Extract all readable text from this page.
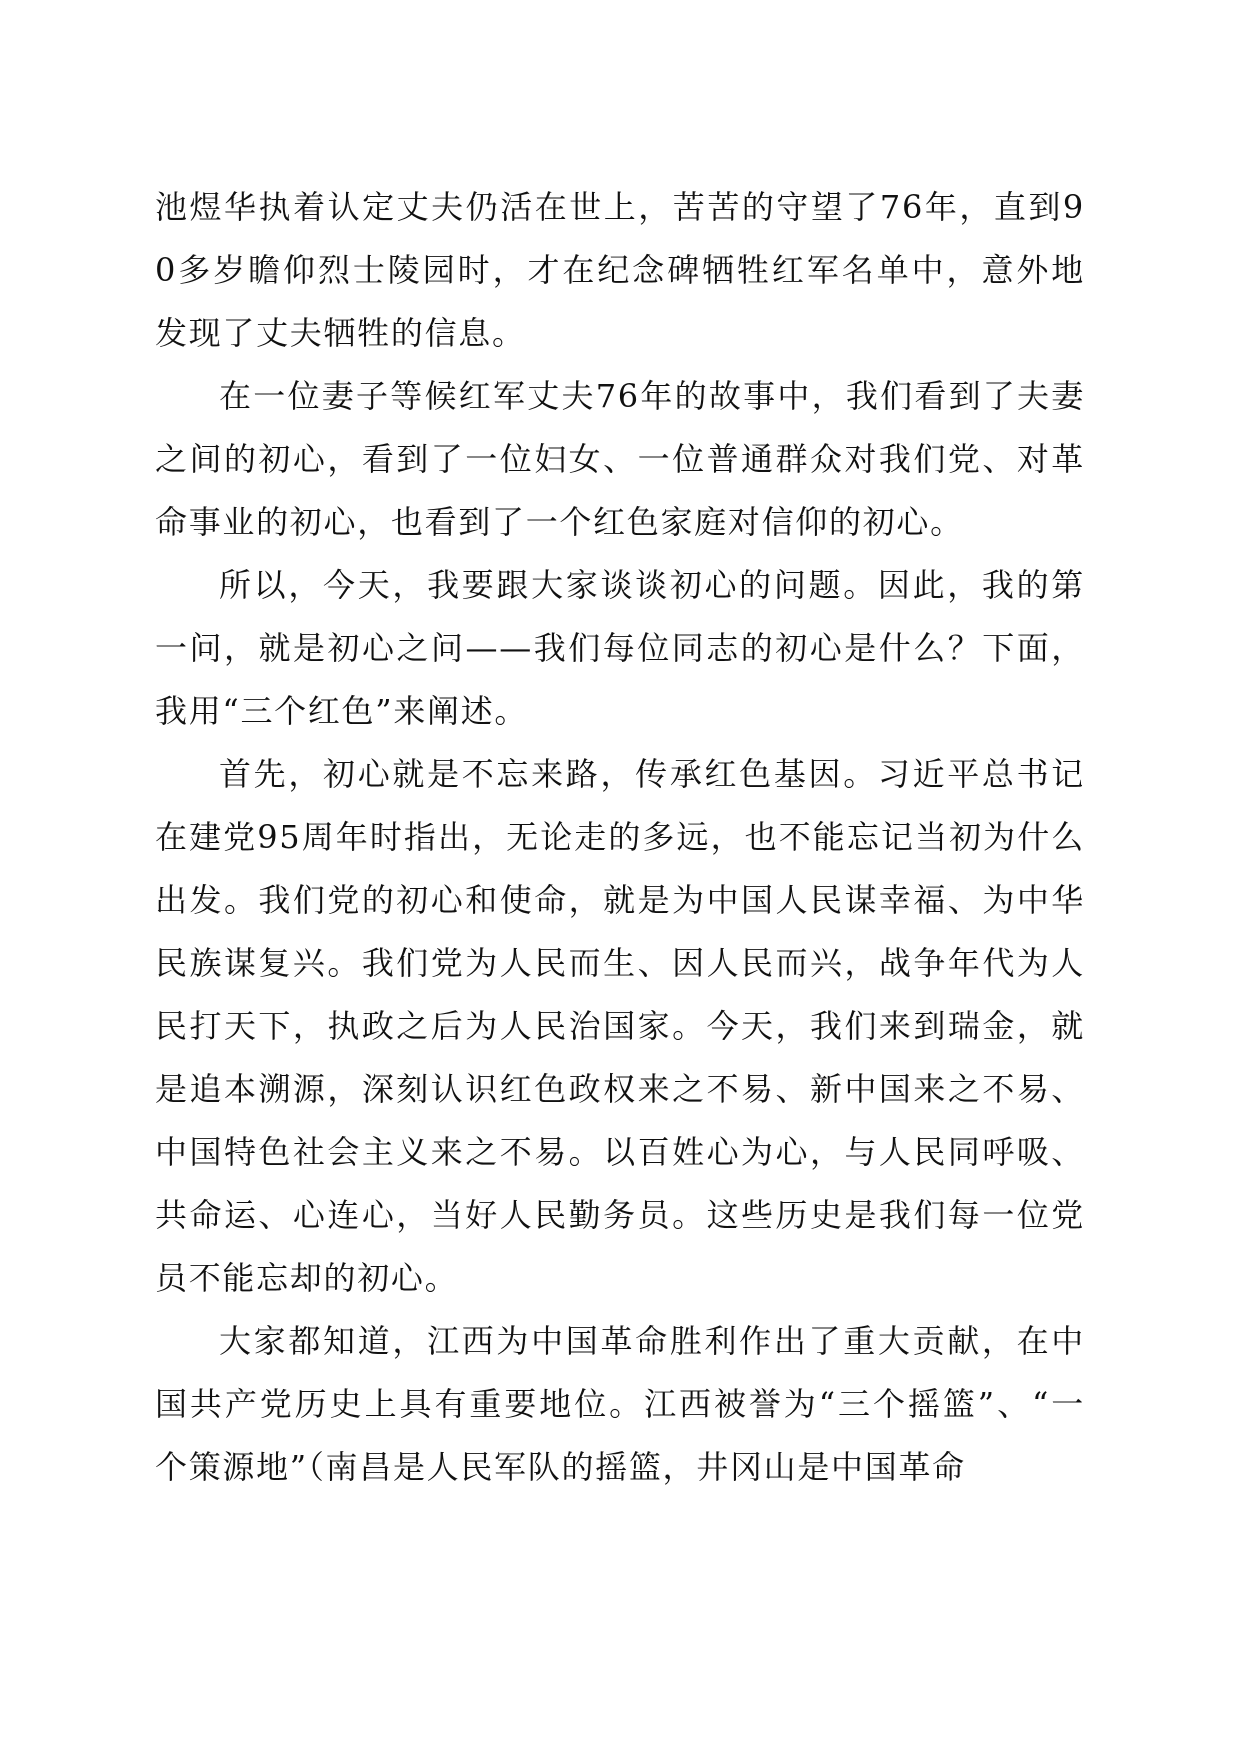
池煜华执着认定丈夫仍活在世上，苦苦的守望了76年，直到90多岁瞻仰烈士陵园时，才在纪念碑牺牲红军名单中，意外地发现了丈夫牺牲的信息。

在一位妻子等候红军丈夫76年的故事中，我们看到了夫妻之间的初心，看到了一位妇女、一位普通群众对我们党、对革命事业的初心，也看到了一个红色家庭对信仰的初心。

所以，今天，我要跟大家谈谈初心的问题。因此，我的第一问，就是初心之问——我们每位同志的初心是什么？下面，我用“三个红色”来阐述。

首先，初心就是不忘来路，传承红色基因。习近平总书记在建党95周年时指出，无论走的多远，也不能忘记当初为什么出发。我们党的初心和使命，就是为中国人民谋幸福、为中华民族谋复兴。我们党为人民而生、因人民而兴，战争年代为人民打天下，执政之后为人民治国家。今天，我们来到瑞金，就是追本溯源，深刻认识红色政权来之不易、新中国来之不易、中国特色社会主义来之不易。以百姓心为心，与人民同呼吸、共命运、心连心，当好人民勤务员。这些历史是我们每一位党员不能忘却的初心。

大家都知道，江西为中国革命胜利作出了重大贡献，在中国共产党历史上具有重要地位。江西被誉为“三个摇篮”、“一个策源地”（南昌是人民军队的摇篮，井冈山是中国革命
